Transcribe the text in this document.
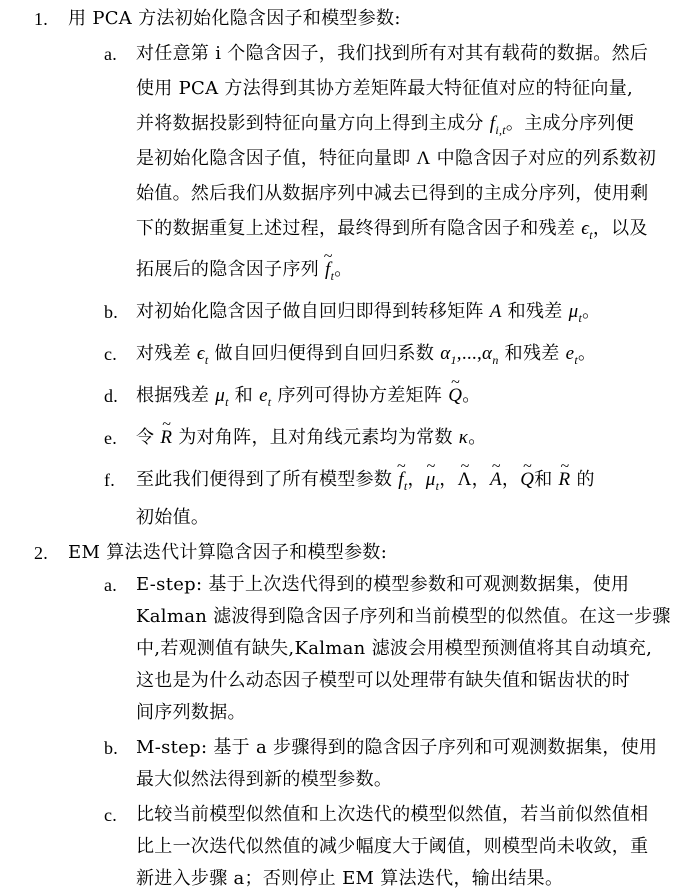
1. 用 PCA 方法初始化隐含因子和模型参数:
a. 对任意第 i 个隐含因子，我们找到所有对其有载荷的数据。然后
使用 PCA 方法得到其协方差矩阵最大特征值对应的特征向量,
并将数据投影到特征向量方向上得到主成分 $f_{i,t}$。主成分序列便
是初始化隐含因子值，特征向量即 Λ 中隐含因子对应的列系数初
始值。然后我们从数据序列中减去已得到的主成分序列，使用剩
下的数据重复上述过程，最终得到所有隐含因子和残差 $\epsilon_t$，以及
拓展后的隐含因子序列 ~ $f_t$。
b. 对初始化隐含因子做自回归即得到转移矩阵 A 和残差 $\mu_t$。
c. 对残差 $\epsilon_t$ 做自回归便得到自回归系数 $\alpha_1,...,\alpha_n$ 和残差 $e_t$。
d. 根据残差 $\mu_t$ 和 $e_t$ 序列可得协方差矩阵 ~ Q。
e. 令 ~ R 为对角阵，且对角线元素均为常数 κ。
f. 至此我们便得到了所有模型参数 ~ $f_t$，~ $\mu_t$，~ Λ，~ A，~ Q和 ~ R 的
初始值。
2. EM 算法迭代计算隐含因子和模型参数:
a. E-step: 基于上次迭代得到的模型参数和可观测数据集，使用
Kalman 滤波得到隐含因子序列和当前模型的似然值。在这一步骤
中,若观测值有缺失,Kalman 滤波会用模型预测值将其自动填充,
这也是为什么动态因子模型可以处理带有缺失值和锯齿状的时
间序列数据。
b. M-step: 基于 a 步骤得到的隐含因子序列和可观测数据集，使用
最大似然法得到新的模型参数。
c. 比较当前模型似然值和上次迭代的模型似然值，若当前似然值相
比上一次迭代似然值的减少幅度大于阈值，则模型尚未收敛，重
新进入步骤 a；否则停止 EM 算法迭代，输出结果。
